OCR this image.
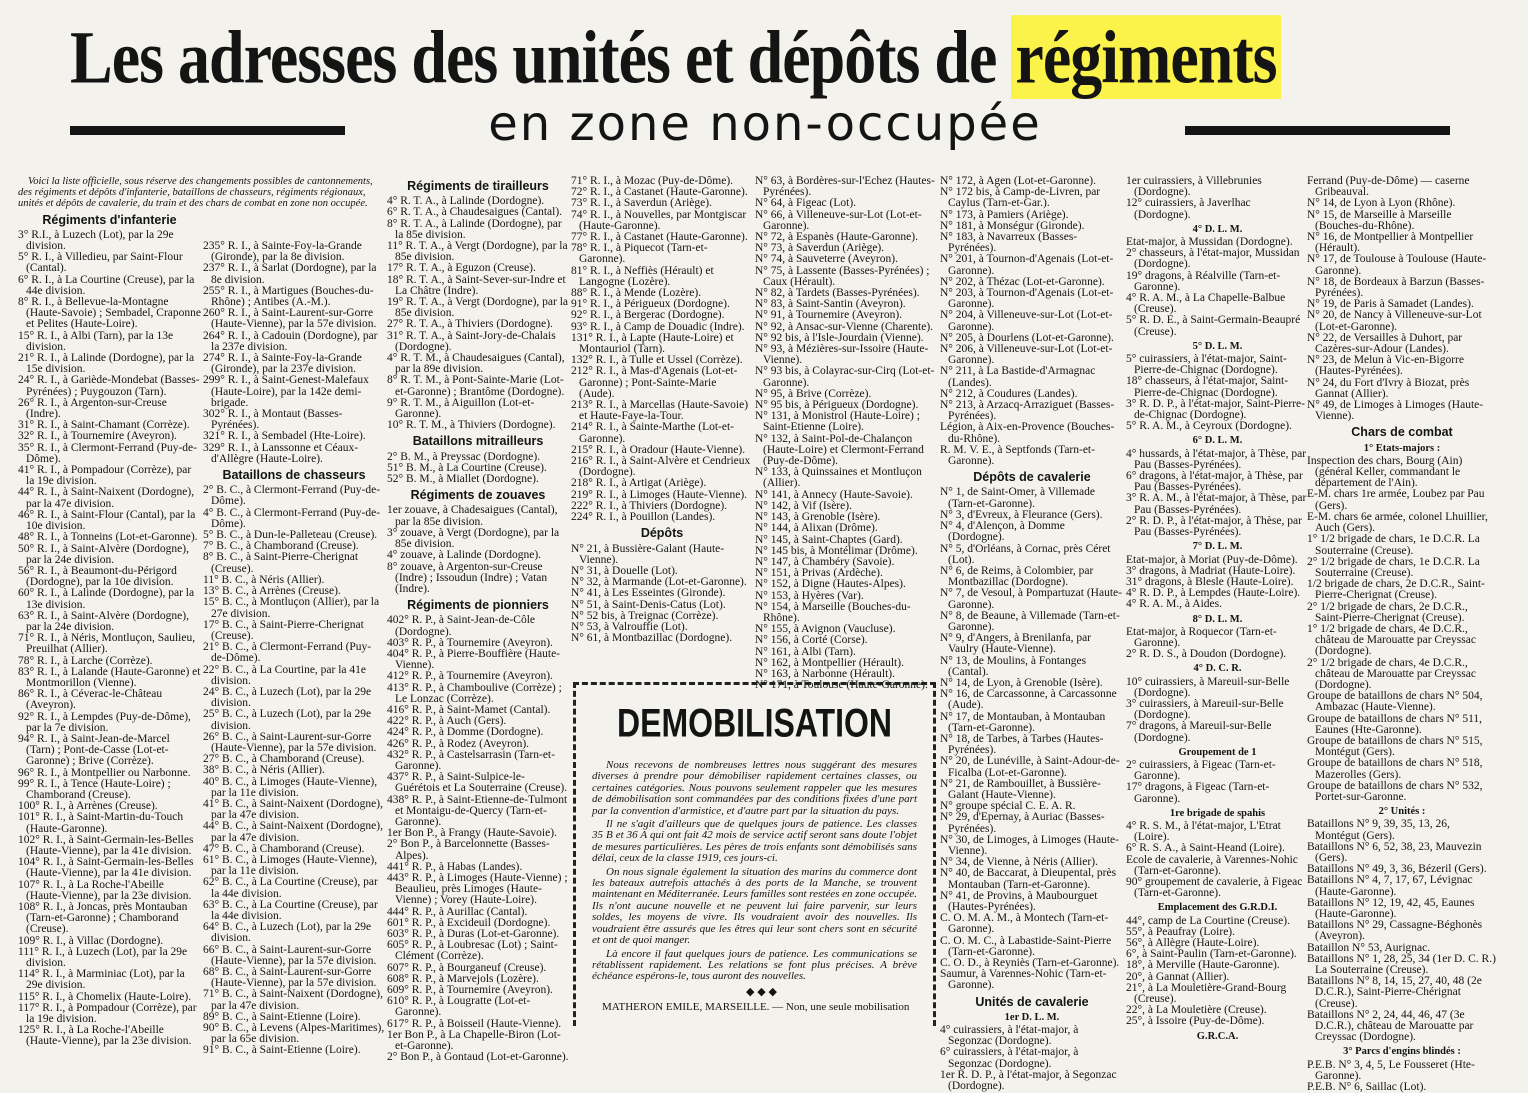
Les adresses des unités et dépôts de régiments
en zone non-occupée

Voici la liste officielle, sous réserve des changements possibles de cantonnements, des régiments et dépôts d'infanterie, bataillons de chasseurs, régiments régionaux, unités et dépôts de cavalerie, du train et des chars de combat en zone non occupée.

Régiments d'infanterie

3° R.I., à Luzech (Lot), par la 29e division.

5° R. I., à Villedieu, par Saint-Flour (Cantal).

6° R. I., à La Courtine (Creuse), par la 44e division.

8° R. I., à Bellevue-la-Montagne (Haute-Savoie) ; Sembadel, Craponne et Pelites (Haute-Loire).

15° R. I., à Albi (Tarn), par la 13e division.

21° R. I., à Lalinde (Dordogne), par la 15e division.

24° R. I., à Gariède-Mondebat (Basses-Pyrénées) ; Puygouzon (Tarn).

26° R. I., à Argenton-sur-Creuse (Indre).

31° R. I., à Saint-Chamant (Corrèze).

32° R. I., à Tournemire (Aveyron).

35° R. I., à Clermont-Ferrand (Puy-de-Dôme).

41° R. I., à Pompadour (Corrèze), par la 19e division.

44° R. I., à Saint-Naixent (Dordogne), par la 47e division.

46° R. I., à Saint-Flour (Cantal), par la 10e division.

48° R. I., à Tonneins (Lot-et-Garonne).

50° R. I., à Saint-Alvère (Dordogne), par la 24e division.

56° R. I., à Beaumont-du-Périgord (Dordogne), par la 10e division.

60° R. I., à Lalinde (Dordogne), par la 13e division.

63° R. I., à Saint-Alvère (Dordogne), par la 24e division.

71° R. I., à Néris, Montluçon, Saulieu, Preuilhat (Allier).

78° R. I., à Larche (Corrèze).

83° R. I., à Lalande (Haute-Garonne) et Montmorillon (Vienne).

86° R. I., à Céverac-le-Château (Aveyron).

92° R. I., à Lempdes (Puy-de-Dôme), par la 7e division.

94° R. I., à Saint-Jean-de-Marcel (Tarn) ; Pont-de-Casse (Lot-et-Garonne) ; Brive (Corrèze).

96° R. I., à Montpellier ou Narbonne.

99° R. I., à Tence (Haute-Loire) ; Chamborand (Creuse).

100° R. I., à Arrènes (Creuse).

101° R. I., à Saint-Martin-du-Touch (Haute-Garonne).

102° R. I., à Saint-Germain-les-Belles (Haute-Vienne), par la 41e division.

104° R. I., à Saint-Germain-les-Belles (Haute-Vienne), par la 41e division.

107° R. I., à La Roche-l'Abeille (Haute-Vienne), par la 23e division.

108° R. I., à Joncas, près Montauban (Tarn-et-Garonne) ; Chamborand (Creuse).

109° R. I., à Villac (Dordogne).

111° R. I., à Luzech (Lot), par la 29e division.

114° R. I., à Marminiac (Lot), par la 29e division.

115° R. I., à Chomelix (Haute-Loire).

117° R. I., à Pompadour (Corrèze), par la 19e division.

125° R. I., à La Roche-l'Abeille (Haute-Vienne), par la 23e division.

235° R. I., à Sainte-Foy-la-Grande (Gironde), par la 8e division.

237° R. I., à Sarlat (Dordogne), par la 8e division.

255° R. I., à Martigues (Bouches-du-Rhône) ; Antibes (A.-M.).

260° R. I., à Saint-Laurent-sur-Gorre (Haute-Vienne), par la 57e division.

264° R. I., à Cadouin (Dordogne), par la 237e division.

274° R. I., à Sainte-Foy-la-Grande (Gironde), par la 237e division.

299° R. I., à Saint-Genest-Malefaux (Haute-Loire), par la 142e demi-brigade.

302° R. I., à Montaut (Basses-Pyrénées).

321° R. I., à Sembadel (Hte-Loire).

329° R. I., à Lanssonne et Céaux-d'Allègre (Haute-Loire).

Bataillons de chasseurs

2° B. C., à Clermont-Ferrand (Puy-de-Dôme).

4° B. C., à Clermont-Ferrand (Puy-de-Dôme).

5° B. C., à Dun-le-Palleteau (Creuse).

7° B. C., à Chamborand (Creuse).

8° B. C., à Saint-Pierre-Cherignat (Creuse).

11° B. C., à Néris (Allier).

13° B. C., à Arrènes (Creuse).

15° B. C., à Montluçon (Allier), par la 27e division.

17° B. C., à Saint-Pierre-Cherignat (Creuse).

21° B. C., à Clermont-Ferrand (Puy-de-Dôme).

22° B. C., à La Courtine, par la 41e division.

24° B. C., à Luzech (Lot), par la 29e division.

25° B. C., à Luzech (Lot), par la 29e division.

26° B. C., à Saint-Laurent-sur-Gorre (Haute-Vienne), par la 57e division.

27° B. C., à Chamborand (Creuse).

38° B. C., à Néris (Allier).

40° B. C., à Limoges (Haute-Vienne), par la 11e division.

41° B. C., à Saint-Naixent (Dordogne), par la 47e division.

44° B. C., à Saint-Naixent (Dordogne), par la 47e division.

47° B. C., à Chamborand (Creuse).

61° B. C., à Limoges (Haute-Vienne), par la 11e division.

62° B. C., à La Courtine (Creuse), par la 44e division.

63° B. C., à La Courtine (Creuse), par la 44e division.

64° B. C., à Luzech (Lot), par la 29e division.

66° B. C., à Saint-Laurent-sur-Gorre (Haute-Vienne), par la 57e division.

68° B. C., à Saint-Laurent-sur-Gorre (Haute-Vienne), par la 57e division.

71° B. C., à Saint-Naixent (Dordogne), par la 47e division.

89° B. C., à Saint-Etienne (Loire).

90° B. C., à Levens (Alpes-Maritimes), par la 65e division.

91° B. C., à Saint-Etienne (Loire).

Régiments de tirailleurs

4° R. T. A., à Lalinde (Dordogne).

6° R. T. A., à Chaudesaigues (Cantal).

8° R. T. A., à Lalinde (Dordogne), par la 85e division.

11° R. T. A., à Vergt (Dordogne), par la 85e division.

17° R. T. A., à Eguzon (Creuse).

18° R. T. A., à Saint-Sever-sur-Indre et La Châtre (Indre).

19° R. T. A., à Vergt (Dordogne), par la 85e division.

27° R. T. A., à Thiviers (Dordogne).

31° R. T. A., à Saint-Jory-de-Chalais (Dordogne).

4° R. T. M., à Chaudesaigues (Cantal), par la 89e division.

8° R. T. M., à Pont-Sainte-Marie (Lot-et-Garonne) ; Brantôme (Dordogne).

9° R. T. M., à Aiguillon (Lot-et-Garonne).

10° R. T. M., à Thiviers (Dordogne).

Bataillons mitrailleurs

2° B. M., à Preyssac (Dordogne).

51° B. M., à La Courtine (Creuse).

52° B. M., à Miallet (Dordogne).

Régiments de zouaves

1er zouave, à Chadesaigues (Cantal), par la 85e division.

3° zouave, à Vergt (Dordogne), par la 85e division.

4° zouave, à Lalinde (Dordogne).

8° zouave, à Argenton-sur-Creuse (Indre) ; Issoudun (Indre) ; Vatan (Indre).

Régiments de pionniers

402° R. P., à Saint-Jean-de-Côle (Dordogne).

403° R. P., à Tournemire (Aveyron).

404° R. P., à Pierre-Bouffière (Haute-Vienne).

412° R. P., à Tournemire (Aveyron).

413° R. P., à Chamboulive (Corrèze) ; Le Lonzac (Corrèze).

416° R. P., à Saint-Mamet (Cantal).

422° R. P., à Auch (Gers).

424° R. P., à Domme (Dordogne).

426° R. P., à Rodez (Aveyron).

432° R. P., à Castelsarrasin (Tarn-et-Garonne).

437° R. P., à Saint-Sulpice-le-Guérétois et La Souterraine (Creuse).

438° R. P., à Saint-Etienne-de-Tulmont et Montaigu-de-Quercy (Tarn-et-Garonne).

1er Bon P., à Frangy (Haute-Savoie).

2° Bon P., à Barcelonnette (Basses-Alpes).

441° R. P., à Habas (Landes).

443° R. P., à Limoges (Haute-Vienne) ; Beaulieu, près Limoges (Haute-Vienne) ; Vorey (Haute-Loire).

444° R. P., à Aurillac (Cantal).

601° R. P., à Excideuil (Dordogne).

603° R. P., à Duras (Lot-et-Garonne).

605° R. P., à Loubresac (Lot) ; Saint-Clément (Corrèze).

607° R. P., à Bourganeuf (Creuse).

608° R. P., à Marvejols (Lozère).

609° R. P., à Tournemire (Aveyron).

610° R. P., à Lougratte (Lot-et-Garonne).

617° R. P., à Boisseil (Haute-Vienne).

1er Bon P., à La Chapelle-Biron (Lot-et-Garonne).

2° Bon P., à Gontaud (Lot-et-Garonne).

71° R. I., à Mozac (Puy-de-Dôme).

72° R. I., à Castanet (Haute-Garonne).

73° R. I., à Saverdun (Ariège).

74° R. I., à Nouvelles, par Montgiscar (Haute-Garonne).

77° R. I., à Castanet (Haute-Garonne).

78° R. I., à Piquecot (Tarn-et-Garonne).

81° R. I., à Neffiès (Hérault) et Langogne (Lozère).

88° R. I., à Mende (Lozère).

91° R. I., à Périgueux (Dordogne).

92° R. I., à Bergerac (Dordogne).

93° R. I., à Camp de Douadic (Indre).

131° R. I., à Lapte (Haute-Loire) et Montauriol (Tarn).

132° R. I., à Tulle et Ussel (Corrèze).

212° R. I., à Mas-d'Agenais (Lot-et-Garonne) ; Pont-Sainte-Marie (Aude).

213° R. I., à Marcellas (Haute-Savoie) et Haute-Faye-la-Tour.

214° R. I., à Sainte-Marthe (Lot-et-Garonne).

215° R. I., à Oradour (Haute-Vienne).

216° R. I., à Saint-Alvère et Cendrieux (Dordogne).

218° R. I., à Artigat (Ariège).

219° R. I., à Limoges (Haute-Vienne).

222° R. I., à Thiviers (Dordogne).

224° R. I., à Pouillon (Landes).

Dépôts

N° 21, à Bussière-Galant (Haute-Vienne).

N° 31, à Douelle (Lot).

N° 32, à Marmande (Lot-et-Garonne).

N° 41, à Les Esseintes (Gironde).

N° 51, à Saint-Denis-Catus (Lot).

N° 52 bis, à Treignac (Corrèze).

N° 53, à Valrouffie (Lot).

N° 61, à Montbazillac (Dordogne).

N° 63, à Bordères-sur-l'Echez (Hautes-Pyrénées).

N° 64, à Figeac (Lot).

N° 66, à Villeneuve-sur-Lot (Lot-et-Garonne).

N° 72, à Espanès (Haute-Garonne).

N° 73, à Saverdun (Ariège).

N° 74, à Sauveterre (Aveyron).

N° 75, à Lassente (Basses-Pyrénées) ; Caux (Hérault).

N° 82, à Tardets (Basses-Pyrénées).

N° 83, à Saint-Santin (Aveyron).

N° 91, à Tournemire (Aveyron).

N° 92, à Ansac-sur-Vienne (Charente).

N° 92 bis, à l'Isle-Jourdain (Vienne).

N° 93, à Mézières-sur-Issoire (Haute-Vienne).

N° 93 bis, à Colayrac-sur-Cirq (Lot-et-Garonne).

N° 95, à Brive (Corrèze).

N° 95 bis, à Périgueux (Dordogne).

N° 131, à Monistrol (Haute-Loire) ; Saint-Etienne (Loire).

N° 132, à Saint-Pol-de-Chalançon (Haute-Loire) et Clermont-Ferrand (Puy-de-Dôme).

N° 133, à Quinssaines et Montluçon (Allier).

N° 141, à Annecy (Haute-Savoie).

N° 142, à Vif (Isère).

N° 143, à Grenoble (Isère).

N° 144, à Alixan (Drôme).

N° 145, à Saint-Chaptes (Gard).

N° 145 bis, à Montélimar (Drôme).

N° 147, à Chambéry (Savoie).

N° 151, à Privas (Ardèche).

N° 152, à Digne (Hautes-Alpes).

N° 153, à Hyères (Var).

N° 154, à Marseille (Bouches-du-Rhône).

N° 155, à Avignon (Vaucluse).

N° 156, à Corté (Corse).

N° 161, à Albi (Tarn).

N° 162, à Montpellier (Hérault).

N° 163, à Narbonne (Hérault).

N° 171, à Toulouse (Haute-Garonne).

N° 172, à Agen (Lot-et-Garonne).

N° 172 bis, à Camp-de-Livren, par Caylus (Tarn-et-Gar.).

N° 173, à Pamiers (Ariège).

N° 181, à Monségur (Gironde).

N° 183, à Navarreux (Basses-Pyrénées).

N° 201, à Tournon-d'Agenais (Lot-et-Garonne).

N° 202, à Thézac (Lot-et-Garonne).

N° 203, à Tournon-d'Agenais (Lot-et-Garonne).

N° 204, à Villeneuve-sur-Lot (Lot-et-Garonne).

N° 205, à Dourlens (Lot-et-Garonne).

N° 206, à Villeneuve-sur-Lot (Lot-et-Garonne).

N° 211, à La Bastide-d'Armagnac (Landes).

N° 212, à Coudures (Landes).

N° 213, à Arzacq-Arraziguet (Basses-Pyrénées).

Légion, à Aix-en-Provence (Bouches-du-Rhône).

R. M. V. E., à Septfonds (Tarn-et-Garonne).

Dépôts de cavalerie

N° 1, de Saint-Omer, à Villemade (Tarn-et-Garonne).

N° 3, d'Evreux, à Fleurance (Gers).

N° 4, d'Alençon, à Domme (Dordogne).

N° 5, d'Orléans, à Cornac, près Céret (Lot).

N° 6, de Reims, à Colombier, par Montbazillac (Dordogne).

N° 7, de Vesoul, à Pompartuzat (Haute-Garonne).

N° 8, de Beaune, à Villemade (Tarn-et-Garonne).

N° 9, d'Angers, à Brenilanfa, par Vaulry (Haute-Vienne).

N° 13, de Moulins, à Fontanges (Cantal).

N° 14, de Lyon, à Grenoble (Isère).

N° 16, de Carcassonne, à Carcassonne (Aude).

N° 17, de Montauban, à Montauban (Tarn-et-Garonne).

N° 18, de Tarbes, à Tarbes (Hautes-Pyrénées).

N° 20, de Lunéville, à Saint-Adour-de-Ficalba (Lot-et-Garonne).

N° 21, de Rambouillet, à Bussière-Galant (Haute-Vienne).

N° groupe spécial C. E. A. R.

N° 29, d'Epernay, à Auriac (Basses-Pyrénées).

N° 30, de Limoges, à Limoges (Haute-Vienne).

N° 34, de Vienne, à Néris (Allier).

N° 40, de Baccarat, à Dieupental, près Montauban (Tarn-et-Garonne).

N° 41, de Provins, à Maubourguet (Hautes-Pyrénées).

C. O. M. A. M., à Montech (Tarn-et-Garonne).

C. O. M. C., à Labastide-Saint-Pierre (Tarn-et-Garonne).

C. O. D., à Reyniès (Tarn-et-Garonne).

Saumur, à Varennes-Nohic (Tarn-et-Garonne).

Unités de cavalerie

1er D. L. M.

4° cuirassiers, à l'état-major, à Segonzac (Dordogne).

6° cuirassiers, à l'état-major, à Segonzac (Dordogne).

1er R. D. P., à l'état-major, à Segonzac (Dordogne).

1er cuirassiers, à Villebrunies (Dordogne).

12° cuirassiers, à Javerlhac (Dordogne).

4° D. L. M.

Etat-major, à Mussidan (Dordogne).

2° chasseurs, à l'état-major, Mussidan (Dordogne).

19° dragons, à Réalville (Tarn-et-Garonne).

4° R. A. M., à La Chapelle-Balbue (Creuse).

5° R. D. E., à Saint-Germain-Beaupré (Creuse).

5° D. L. M.

5° cuirassiers, à l'état-major, Saint-Pierre-de-Chignac (Dordogne).

18° chasseurs, à l'état-major, Saint-Pierre-de-Chignac (Dordogne).

3° R. D. P., à l'état-major, Saint-Pierre-de-Chignac (Dordogne).

5° R. A. M., à Ceyroux (Dordogne).

6° D. L. M.

4° hussards, à l'état-major, à Thèse, par Pau (Basses-Pyrénées).

6° dragons, à l'état-major, à Thèse, par Pau (Basses-Pyrénées).

3° R. A. M., à l'état-major, à Thèse, par Pau (Basses-Pyrénées).

2° R. D. P., à l'état-major, à Thèse, par Pau (Basses-Pyrénées).

7° D. L. M.

Etat-major, à Moriat (Puy-de-Dôme).

3° dragons, à Madriat (Haute-Loire).

31° dragons, à Blesle (Haute-Loire).

4° R. D. P., à Lempdes (Haute-Loire).

4° R. A. M., à Aides.

8° D. L. M.

Etat-major, à Roquecor (Tarn-et-Garonne).

2° R. D. S., à Doudon (Dordogne).

4° D. C. R.

10° cuirassiers, à Mareuil-sur-Belle (Dordogne).

3° cuirassiers, à Mareuil-sur-Belle (Dordogne).

7° dragons, à Mareuil-sur-Belle (Dordogne).

Groupement de 1

2° cuirassiers, à Figeac (Tarn-et-Garonne).

17° dragons, à Figeac (Tarn-et-Garonne).

1re brigade de spahis

4° R. S. M., à l'état-major, L'Etrat (Loire).

6° R. S. A., à Saint-Heand (Loire).

Ecole de cavalerie, à Varennes-Nohic (Tarn-et-Garonne).

90° groupement de cavalerie, à Figeac (Tarn-et-Garonne).

Emplacement des G.R.D.I.

44°, camp de La Courtine (Creuse).

55°, à Peaufray (Loire).

56°, à Allègre (Haute-Loire).

6°, à Saint-Paulin (Tarn-et-Garonne).

18°, à Merville (Haute-Garonne).

20°, à Gannat (Allier).

21°, à La Mouletière-Grand-Bourg (Creuse).

22°, à La Mouletière (Creuse).

25°, à Issoire (Puy-de-Dôme).

G.R.C.A.

Ferrand (Puy-de-Dôme) — caserne Gribeauval.

N° 14, de Lyon à Lyon (Rhône).

N° 15, de Marseille à Marseille (Bouches-du-Rhône).

N° 16, de Montpellier à Montpellier (Hérault).

N° 17, de Toulouse à Toulouse (Haute-Garonne).

N° 18, de Bordeaux à Barzun (Basses-Pyrénées).

N° 19, de Paris à Samadet (Landes).

N° 20, de Nancy à Villeneuve-sur-Lot (Lot-et-Garonne).

N° 22, de Versailles à Duhort, par Cazères-sur-Adour (Landes).

N° 23, de Melun à Vic-en-Bigorre (Hautes-Pyrénées).

N° 24, du Fort d'Ivry à Biozat, près Gannat (Allier).

N° 49, de Limoges à Limoges (Haute-Vienne).

Chars de combat

1° Etats-majors :

Inspection des chars, Bourg (Ain) (général Keller, commandant le département de l'Ain).

E-M. chars 1re armée, Loubez par Pau (Gers).

E-M. chars 6e armée, colonel Lhuillier, Auch (Gers).

1° 1/2 brigade de chars, 1e D.C.R. La Souterraine (Creuse).

2° 1/2 brigade de chars, 1e D.C.R. La Souterraine (Creuse).

1/2 brigade de chars, 2e D.C.R., Saint-Pierre-Cherignat (Creuse).

2° 1/2 brigade de chars, 2e D.C.R., Saint-Pierre-Cherignat (Creuse).

1° 1/2 brigade de chars, 4e D.C.R., château de Marouatte par Creyssac (Dordogne).

2° 1/2 brigade de chars, 4e D.C.R., château de Marouatte par Creyssac (Dordogne).

Groupe de bataillons de chars N° 504, Ambazac (Haute-Vienne).

Groupe de bataillons de chars N° 511, Eaunes (Hte-Garonne).

Groupe de bataillons de chars N° 515, Montégut (Gers).

Groupe de bataillons de chars N° 518, Mazerolles (Gers).

Groupe de bataillons de chars N° 532, Portet-sur-Garonne.

2° Unités :

Bataillons N° 9, 39, 35, 13, 26, Montégut (Gers).

Bataillons N° 6, 52, 38, 23, Mauvezin (Gers).

Bataillons N° 49, 3, 36, Bézeril (Gers).

Bataillons N° 4, 7, 17, 67, Lévignac (Haute-Garonne).

Bataillons N° 12, 19, 42, 45, Eaunes (Haute-Garonne).

Bataillons N° 29, Cassagne-Béghonès (Aveyron).

Bataillon N° 53, Aurignac.

Bataillons N° 1, 28, 25, 34 (1er D. C. R.) La Souterraine (Creuse).

Bataillons N° 8, 14, 15, 27, 40, 48 (2e D.C.R.), Saint-Pierre-Chérignat (Creuse).

Bataillons N° 2, 24, 44, 46, 47 (3e D.C.R.), château de Marouatte par Creyssac (Dordogne).

3° Parcs d'engins blindés :

P.E.B. N° 3, 4, 5, Le Fousseret (Hte-Garonne).

P.E.B. N° 6, Saillac (Lot).

DEMOBILISATION

Nous recevons de nombreuses lettres nous suggérant des mesures diverses à prendre pour démobiliser rapidement certaines classes, ou certaines catégories. Nous pouvons seulement rappeler que les mesures de démobilisation sont commandées par des conditions fixées d'une part par la convention d'armistice, et d'autre part par la situation du pays.

Il ne s'agit d'ailleurs que de quelques jours de patience. Les classes 35 B et 36 A qui ont fait 42 mois de service actif seront sans doute l'objet de mesures particulières. Les pères de trois enfants sont démobilisés sans délai, ceux de la classe 1919, ces jours-ci.

On nous signale également la situation des marins du commerce dont les bateaux autrefois attachés à des ports de la Manche, se trouvent maintenant en Méditerranée. Leurs familles sont restées en zone occupée. Ils n'ont aucune nouvelle et ne peuvent lui faire parvenir, sur leurs soldes, les moyens de vivre. Ils voudraient avoir des nouvelles. Ils voudraient être assurés que les êtres qui leur sont chers sont en sécurité et ont de quoi manger.

Là encore il faut quelques jours de patience. Les communications se rétablissent rapidement. Les relations se font plus précises. A brève échéance espérons-le, tous auront des nouvelles.

◆ ◆ ◆

MATHERON EMILE, MARSEILLE. — Non, une seule mobilisation
